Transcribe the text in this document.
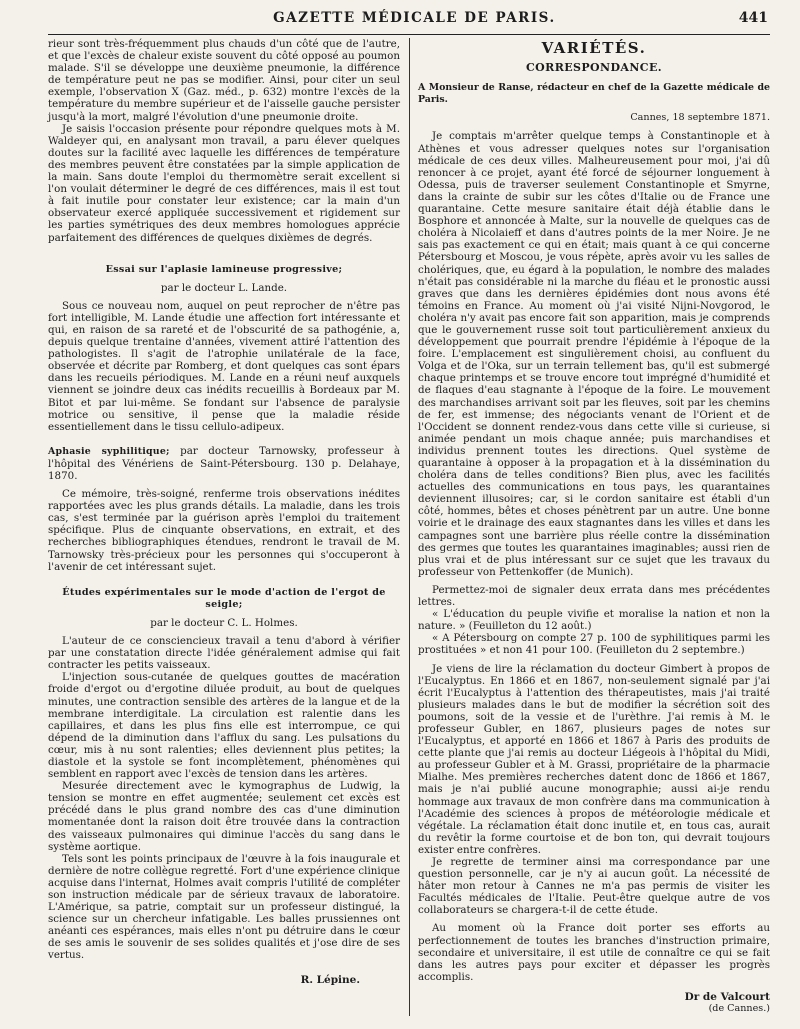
GAZETTE MÉDICALE DE PARIS.	441

rieur sont très-fréquemment plus chauds d'un côté que de l'autre, et que l'excès de chaleur existe souvent du côté opposé au poumon malade. S'il se développe une deuxième pneumonie, la différence de température peut ne pas se modifier. Ainsi, pour citer un seul exemple, l'observation X (Gaz. méd., p. 632) montre l'excès de la température du membre supérieur et de l'aisselle gauche persister jusqu'à la mort, malgré l'évolution d'une pneumonie droite.

Je saisis l'occasion présente pour répondre quelques mots à M. Waldeyer qui, en analysant mon travail, a paru élever quelques doutes sur la facilité avec laquelle les différences de température des membres peuvent être constatées par la simple application de la main. Sans doute l'emploi du thermomètre serait excellent si l'on voulait déterminer le degré de ces différences, mais il est tout à fait inutile pour constater leur existence; car la main d'un observateur exercé appliquée successivement et rigidement sur les parties symétriques des deux membres homologues apprécie parfaitement des différences de quelques dixièmes de degrés.

Essai sur l'aplasie lamineuse progressive;
par le docteur L. Lande.

Sous ce nouveau nom, auquel on peut reprocher de n'être pas fort intelligible, M. Lande étudie une affection fort intéressante et qui, en raison de sa rareté et de l'obscurité de sa pathogénie, a, depuis quelque trentaine d'années, vivement attiré l'attention des pathologistes. Il s'agit de l'atrophie unilatérale de la face, observée et décrite par Romberg, et dont quelques cas sont épars dans les recueils périodiques. M. Lande en a réuni neuf auxquels viennent se joindre deux cas inédits recueillis à Bordeaux par M. Bitot et par lui-même. Se fondant sur l'absence de paralysie motrice ou sensitive, il pense que la maladie réside essentiellement dans le tissu cellulo-adipeux.

Aphasie syphilitique; par docteur Tarnowsky, professeur à l'hôpital des Vénériens de Saint-Pétersbourg. 130 p. Delahaye, 1870.

Ce mémoire, très-soigné, renferme trois observations inédites rapportées avec les plus grands détails. La maladie, dans les trois cas, s'est terminée par la guérison après l'emploi du traitement spécifique. Plus de cinquante observations, en extrait, et des recherches bibliographiques étendues, rendront le travail de M. Tarnowsky très-précieux pour les personnes qui s'occuperont à l'avenir de cet intéressant sujet.

Études expérimentales sur le mode d'action de l'ergot de seigle;
par le docteur C. L. Holmes.

L'auteur de ce consciencieux travail a tenu d'abord à vérifier par une constatation directe l'idée généralement admise qui fait contracter les petits vaisseaux.

L'injection sous-cutanée de quelques gouttes de macération froide d'ergot ou d'ergotine diluée produit, au bout de quelques minutes, une contraction sensible des artères de la langue et de la membrane interdigitale. La circulation est ralentie dans les capillaires, et dans les plus fins elle est interrompue, ce qui dépend de la diminution dans l'afflux du sang. Les pulsations du cœur, mis à nu sont ralenties; elles deviennent plus petites; la diastole et la systole se font incomplètement, phénomènes qui semblent en rapport avec l'excès de tension dans les artères.

Mesurée directement avec le kymographus de Ludwig, la tension se montre en effet augmentée; seulement cet excès est précédé dans le plus grand nombre des cas d'une diminution momentanée dont la raison doit être trouvée dans la contraction des vaisseaux pulmonaires qui diminue l'accès du sang dans le système aortique.

Tels sont les points principaux de l'œuvre à la fois inaugurale et dernière de notre collègue regretté. Fort d'une expérience clinique acquise dans l'internat, Holmes avait compris l'utilité de compléter son instruction médicale par de sérieux travaux de laboratoire. L'Amérique, sa patrie, comptait sur un professeur distingué, la science sur un chercheur infatigable. Les balles prussiennes ont anéanti ces espérances, mais elles n'ont pu détruire dans le cœur de ses amis le souvenir de ses solides qualités et j'ose dire de ses vertus.

R. Lépine.
VARIÉTÉS.
CORRESPONDANCE.
A Monsieur de Ranse, rédacteur en chef de la Gazette médicale de Paris.
Cannes, 18 septembre 1871.

Je comptais m'arrêter quelque temps à Constantinople et à Athènes et vous adresser quelques notes sur l'organisation médicale de ces deux villes. Malheureusement pour moi, j'ai dû renoncer à ce projet, ayant été forcé de séjourner longuement à Odessa, puis de traverser seulement Constantinople et Smyrne, dans la crainte de subir sur les côtes d'Italie ou de France une quarantaine. Cette mesure sanitaire était déjà établie dans le Bosphore et annoncée à Malte, sur la nouvelle de quelques cas de choléra à Nicolaieff et dans d'autres points de la mer Noire. Je ne sais pas exactement ce qui en était; mais quant à ce qui concerne Pétersbourg et Moscou, je vous répète, après avoir vu les salles de cholériques, que, eu égard à la population, le nombre des malades n'était pas considérable ni la marche du fléau et le pronostic aussi graves que dans les dernières épidémies dont nous avons été témoins en France. Au moment où j'ai visité Nijni-Novgorod, le choléra n'y avait pas encore fait son apparition, mais je comprends que le gouvernement russe soit tout particulièrement anxieux du développement que pourrait prendre l'épidémie à l'époque de la foire. L'emplacement est singulièrement choisi, au confluent du Volga et de l'Oka, sur un terrain tellement bas, qu'il est submergé chaque printemps et se trouve encore tout imprégné d'humidité et de flaques d'eau stagnante à l'époque de la foire. Le mouvement des marchandises arrivant soit par les fleuves, soit par les chemins de fer, est immense; des négociants venant de l'Orient et de l'Occident se donnent rendez-vous dans cette ville si curieuse, si animée pendant un mois chaque année; puis marchandises et individus prennent toutes les directions. Quel système de quarantaine à opposer à la propagation et à la dissémination du choléra dans de telles conditions? Bien plus, avec les facilités actuelles des communications en tous pays, les quarantaines deviennent illusoires; car, si le cordon sanitaire est établi d'un côté, hommes, bêtes et choses pénètrent par un autre. Une bonne voirie et le drainage des eaux stagnantes dans les villes et dans les campagnes sont une barrière plus réelle contre la dissémination des germes que toutes les quarantaines imaginables; aussi rien de plus vrai et de plus intéressant sur ce sujet que les travaux du professeur von Pettenkoffer (de Munich).

Permettez-moi de signaler deux errata dans mes précédentes lettres.

« L'éducation du peuple vivifie et moralise la nation et non la nature. » (Feuilleton du 12 août.)

« A Pétersbourg on compte 27 p. 100 de syphilitiques parmi les prostituées » et non 41 pour 100. (Feuilleton du 2 septembre.)

Je viens de lire la réclamation du docteur Gimbert à propos de l'Eucalyptus. En 1866 et en 1867, non-seulement signalé par j'ai écrit l'Eucalyptus à l'attention des thérapeutistes, mais j'ai traité plusieurs malades dans le but de modifier la sécrétion soit des poumons, soit de la vessie et de l'urèthre. J'ai remis à M. le professeur Gubler, en 1867, plusieurs pages de notes sur l'Eucalyptus, et apporté en 1866 et 1867 à Paris des produits de cette plante que j'ai remis au docteur Liégeois à l'hôpital du Midi, au professeur Gubler et à M. Grassi, propriétaire de la pharmacie Mialhe. Mes premières recherches datent donc de 1866 et 1867, mais je n'ai publié aucune monographie; aussi ai-je rendu hommage aux travaux de mon confrère dans ma communication à l'Académie des sciences à propos de météorologie médicale et végétale. La réclamation était donc inutile et, en tous cas, aurait du revêtir la forme courtoise et de bon ton, qui devrait toujours exister entre confrères.

Je regrette de terminer ainsi ma correspondance par une question personnelle, car je n'y ai aucun goût. La nécessité de hâter mon retour à Cannes ne m'a pas permis de visiter les Facultés médicales de l'Italie. Peut-être quelque autre de vos collaborateurs se chargera-t-il de cette étude.

Au moment où la France doit porter ses efforts au perfectionnement de toutes les branches d'instruction primaire, secondaire et universitaire, il est utile de connaître ce qui se fait dans les autres pays pour exciter et dépasser les progrès accomplis.

Dr de Valcourt
(de Cannes.)
